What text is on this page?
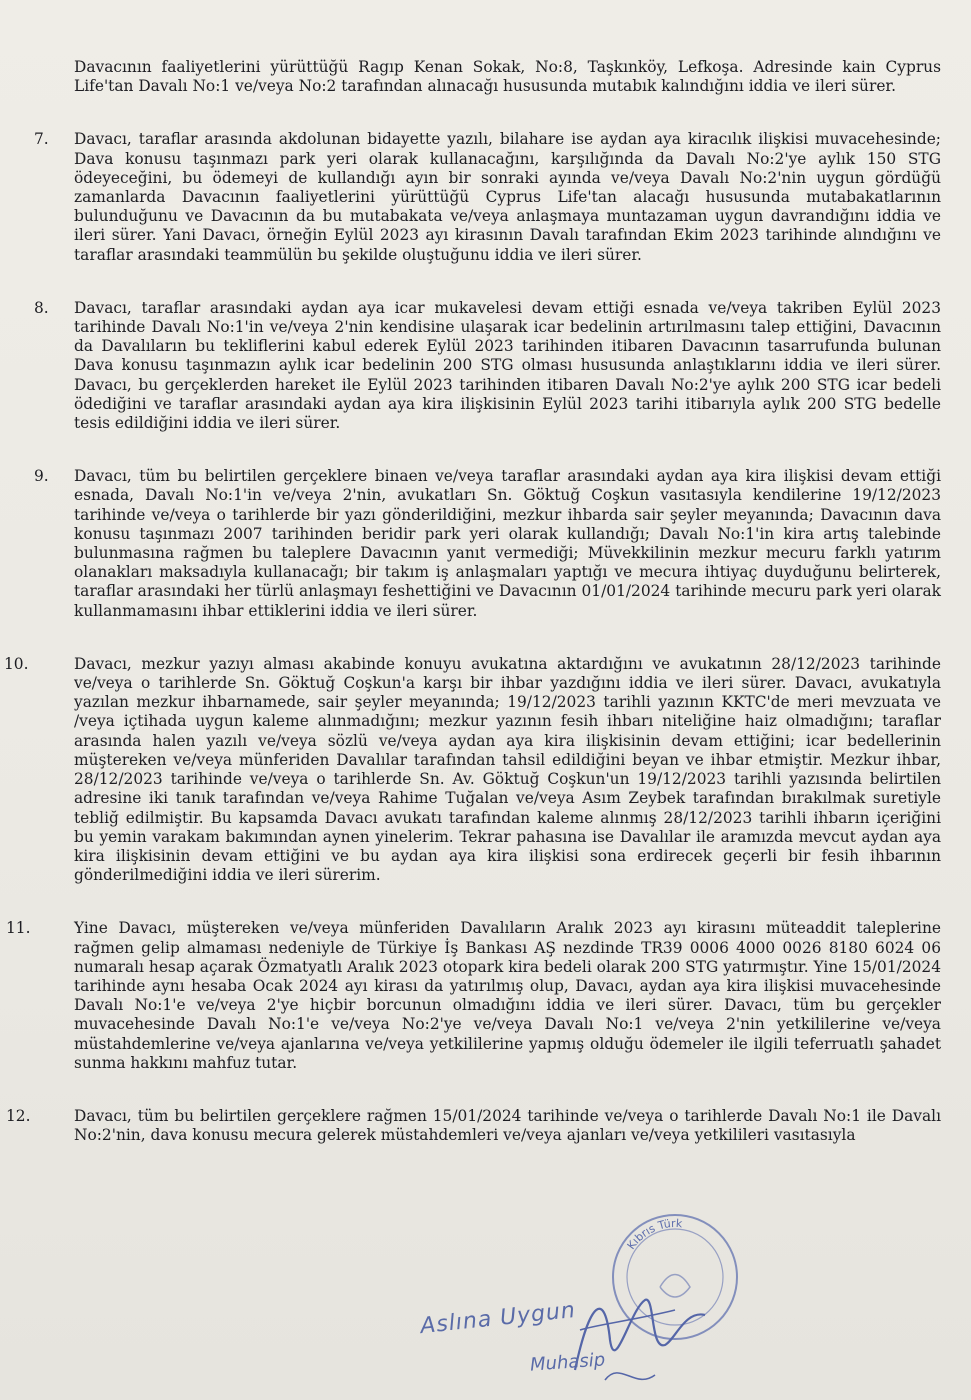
Davacının faaliyetlerini yürüttüğü Ragıp Kenan Sokak, No:8, Taşkınköy, Lefkoşa. Adresinde kain Cyprus Life'tan Davalı No:1 ve/veya No:2 tarafından alınacağı hususunda mutabık kalındığını iddia ve ileri sürer.

7. Davacı, taraflar arasında akdolunan bidayette yazılı, bilahare ise aydan aya kiracılık ilişkisi muvacehesinde; Dava konusu taşınmazı park yeri olarak kullanacağını, karşılığında da Davalı No:2'ye aylık 150 STG ödeyeceğini, bu ödemeyi de kullandığı ayın bir sonraki ayında ve/veya Davalı No:2'nin uygun gördüğü zamanlarda Davacının faaliyetlerini yürüttüğü Cyprus Life'tan alacağı hususunda mutabakatlarının bulunduğunu ve Davacının da bu mutabakata ve/veya anlaşmaya muntazaman uygun davrandığını iddia ve ileri sürer. Yani Davacı, örneğin Eylül 2023 ayı kirasının Davalı tarafından Ekim 2023 tarihinde alındığını ve taraflar arasındaki teammülün bu şekilde oluştuğunu iddia ve ileri sürer.

8. Davacı, taraflar arasındaki aydan aya icar mukavelesi devam ettiği esnada ve/veya takriben Eylül 2023 tarihinde Davalı No:1'in ve/veya 2'nin kendisine ulaşarak icar bedelinin artırılmasını talep ettiğini, Davacının da Davalıların bu tekliflerini kabul ederek Eylül 2023 tarihinden itibaren Davacının tasarrufunda bulunan Dava konusu taşınmazın aylık icar bedelinin 200 STG olması hususunda anlaştıklarını iddia ve ileri sürer. Davacı, bu gerçeklerden hareket ile Eylül 2023 tarihinden itibaren Davalı No:2'ye aylık 200 STG icar bedeli ödediğini ve taraflar arasındaki aydan aya kira ilişkisinin Eylül 2023 tarihi itibarıyla aylık 200 STG bedelle tesis edildiğini iddia ve ileri sürer.

9. Davacı, tüm bu belirtilen gerçeklere binaen ve/veya taraflar arasındaki aydan aya kira ilişkisi devam ettiği esnada, Davalı No:1'in ve/veya 2'nin, avukatları Sn. Göktuğ Coşkun vasıtasıyla kendilerine 19/12/2023 tarihinde ve/veya o tarihlerde bir yazı gönderildiğini, mezkur ihbarda sair şeyler meyanında; Davacının dava konusu taşınmazı 2007 tarihinden beridir park yeri olarak kullandığı; Davalı No:1'in kira artış talebinde bulunmasına rağmen bu taleplere Davacının yanıt vermediği; Müvekkilinin mezkur mecuru farklı yatırım olanakları maksadıyla kullanacağı; bir takım iş anlaşmaları yaptığı ve mecura ihtiyaç duyduğunu belirterek, taraflar arasındaki her türlü anlaşmayı feshettiğini ve Davacının 01/01/2024 tarihinde mecuru park yeri olarak kullanmamasını ihbar ettiklerini iddia ve ileri sürer.

10.	Davacı, mezkur yazıyı alması akabinde konuyu avukatına aktardığını ve avukatının 28/12/2023 tarihinde ve/veya o tarihlerde Sn. Göktuğ Coşkun'a karşı bir ihbar yazdığını iddia ve ileri sürer. Davacı, avukatıyla yazılan mezkur ihbarnamede, sair şeyler meyanında; 19/12/2023 tarihli yazının KKTC'de meri mevzuata ve /veya içtihada uygun kaleme alınmadığını; mezkur yazının fesih ihbarı niteliğine haiz olmadığını; taraflar arasında halen yazılı ve/veya sözlü ve/veya aydan aya kira ilişkisinin devam ettiğini; icar bedellerinin müştereken ve/veya münferiden Davalılar tarafından tahsil edildiğini beyan ve ihbar etmiştir. Mezkur ihbar, 28/12/2023 tarihinde ve/veya o tarihlerde Sn. Av. Göktuğ Coşkun'un 19/12/2023 tarihli yazısında belirtilen adresine iki tanık tarafından ve/veya Rahime Tuğalan ve/veya Asım Zeybek tarafından bırakılmak suretiyle tebliğ edilmiştir. Bu kapsamda Davacı avukatı tarafından kaleme alınmış 28/12/2023 tarihli ihbarın içeriğini bu yemin varakam bakımından aynen yinelerim. Tekrar pahasına ise Davalılar ile aramızda mevcut aydan aya kira ilişkisinin devam ettiğini ve bu aydan aya kira ilişkisi sona erdirecek geçerli bir fesih ihbarının gönderilmediğini iddia ve ileri sürerim.

11.	Yine Davacı, müştereken ve/veya münferiden Davalıların Aralık 2023 ayı kirasını müteaddit taleplerine rağmen gelip almaması nedeniyle de Türkiye İş Bankası AŞ nezdinde TR39 0006 4000 0026 8180 6024 06 numaralı hesap açarak Özmatyatlı Aralık 2023 otopark kira bedeli olarak 200 STG yatırmıştır. Yine 15/01/2024 tarihinde aynı hesaba Ocak 2024 ayı kirası da yatırılmış olup, Davacı, aydan aya kira ilişkisi muvacehesinde Davalı No:1'e ve/veya 2'ye hiçbir borcunun olmadığını iddia ve ileri sürer. Davacı, tüm bu gerçekler muvacehesinde Davalı No:1'e ve/veya No:2'ye ve/veya Davalı No:1 ve/veya 2'nin yetkililerine ve/veya müstahdemlerine ve/veya ajanlarına ve/veya yetkililerine yapmış olduğu ödemeler ile ilgili teferruatlı şahadet sunma hakkını mahfuz tutar.

12.	Davacı, tüm bu belirtilen gerçeklere rağmen 15/01/2024 tarihinde ve/veya o tarihlerde Davalı No:1 ile Davalı No:2'nin, dava konusu mecura gelerek müstahdemleri ve/veya ajanları ve/veya yetkilileri vasıtasıyla

Kıbrıs Türk
Aslına Uygun
Muhasip
